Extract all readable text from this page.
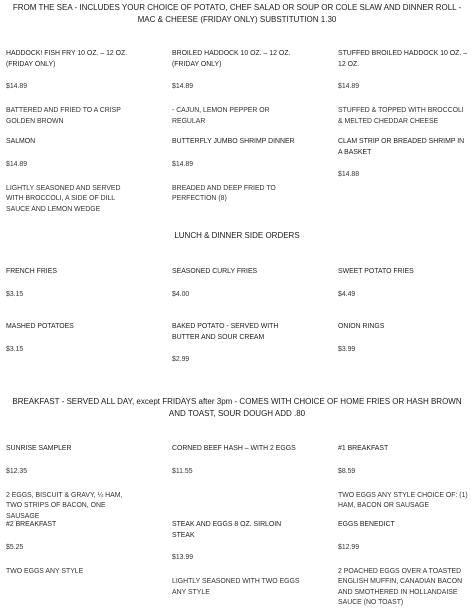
FROM THE SEA - INCLUDES YOUR CHOICE OF POTATO, CHEF SALAD OR SOUP OR COLE SLAW AND DINNER ROLL -MAC & CHEESE (FRIDAY ONLY) SUBSTITUTION 1.30
HADDOCK! FISH FRY 10 OZ. – 12 OZ. (FRIDAY ONLY)
$14.89
BATTERED AND FRIED TO A CRISP GOLDEN BROWN
BROILED HADDOCK 10 OZ. – 12 OZ. (FRIDAY ONLY)
$14.89
- CAJUN, LEMON PEPPER OR REGULAR
STUFFED BROILED HADDOCK 10 OZ. – 12 OZ.
$14.89
STUFFED & TOPPED WITH BROCCOLI & MELTED CHEDDAR CHEESE
SALMON
$14.89
LIGHTLY SEASONED AND SERVED WITH BROCCOLI, A SIDE OF DILL SAUCE AND LEMON WEDGE
BUTTERFLY JUMBO SHRIMP DINNER
$14.89
BREADED AND DEEP FRIED TO PERFECTION (8)
CLAM STRIP OR BREADED SHRIMP IN A BASKET
$14.88
LUNCH & DINNER SIDE ORDERS
FRENCH FRIES
$3.15
SEASONED CURLY FRIES
$4.00
SWEET POTATO FRIES
$4.49
MASHED POTATOES
$3.15
BAKED POTATO - SERVED WITH BUTTER AND SOUR CREAM
$2.99
ONION RINGS
$3.99
BREAKFAST - SERVED ALL DAY, except FRIDAYS after 3pm - COMES WITH CHOICE OF HOME FRIES OR HASH BROWN AND TOAST, SOUR DOUGH ADD .80
SUNRISE SAMPLER
$12.35
2 EGGS, BISCUIT & GRAVY, ¼ HAM, TWO STRIPS OF BACON, ONE SAUSAGE
CORNED BEEF HASH – WITH 2 EGGS
$11.55
#1 BREAKFAST
$8.59
TWO EGGS ANY STYLE CHOICE OF: (1) HAM, BACON OR SAUSAGE
#2 BREAKFAST
$5.25
TWO EGGS ANY STYLE
STEAK AND EGGS 8 OZ. SIRLOIN STEAK
$13.99
LIGHTLY SEASONED WITH TWO EGGS ANY STYLE
EGGS BENEDICT
$12.99
2 POACHED EGGS OVER A TOASTED ENGLISH MUFFIN, CANADIAN BACON AND SMOTHERED IN HOLLANDAISE SAUCE (NO TOAST)
